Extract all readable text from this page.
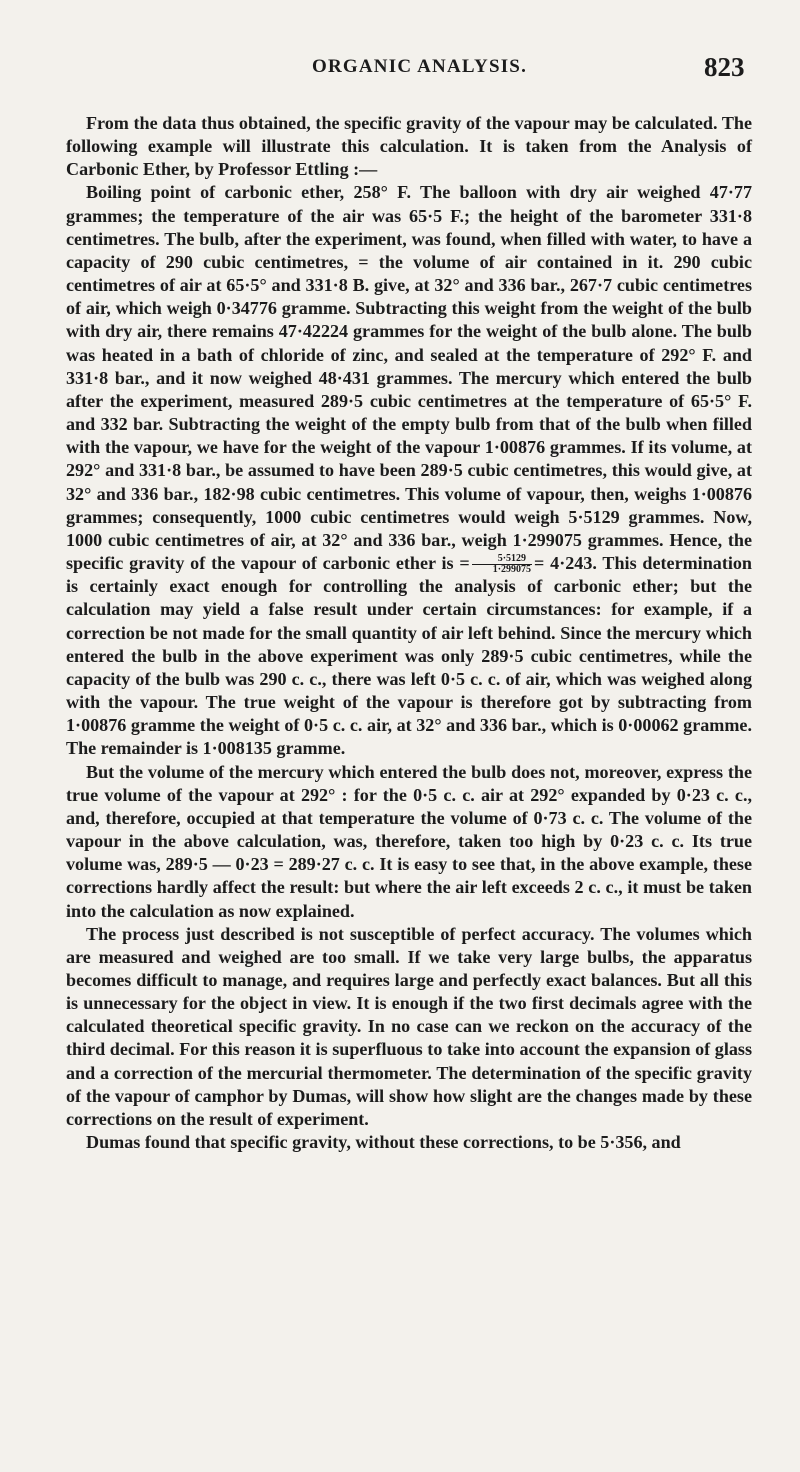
ORGANIC ANALYSIS.	823

From the data thus obtained, the specific gravity of the vapour may be calculated. The following example will illustrate this calculation. It is taken from the Analysis of Carbonic Ether, by Professor Ettling :—

Boiling point of carbonic ether, 258° F. The balloon with dry air weighed 47·77 grammes; the temperature of the air was 65·5 F.; the height of the barometer 331·8 centimetres. The bulb, after the experiment, was found, when filled with water, to have a capacity of 290 cubic centimetres, = the volume of air contained in it. 290 cubic centimetres of air at 65·5° and 331·8 B. give, at 32° and 336 bar., 267·7 cubic centimetres of air, which weigh 0·34776 gramme. Subtracting this weight from the weight of the bulb with dry air, there remains 47·42224 grammes for the weight of the bulb alone. The bulb was heated in a bath of chloride of zinc, and sealed at the temperature of 292° F. and 331·8 bar., and it now weighed 48·431 grammes. The mercury which entered the bulb after the experiment, measured 289·5 cubic centimetres at the temperature of 65·5° F. and 332 bar. Subtracting the weight of the empty bulb from that of the bulb when filled with the vapour, we have for the weight of the vapour 1·00876 grammes. If its volume, at 292° and 331·8 bar., be assumed to have been 289·5 cubic centimetres, this would give, at 32° and 336 bar., 182·98 cubic centimetres. This volume of vapour, then, weighs 1·00876 grammes; consequently, 1000 cubic centimetres would weigh 5·5129 grammes. Now, 1000 cubic centimetres of air, at 32° and 336 bar., weigh 1·299075 grammes. Hence, the specific gravity of the vapour of carbonic ether is = $\frac{5\cdot 5129}{1\cdot 299075} = 4\cdot 243$. This determination is certainly exact enough for controlling the analysis of carbonic ether; but the calculation may yield a false result under certain circumstances: for example, if a correction be not made for the small quantity of air left behind. Since the mercury which entered the bulb in the above experiment was only 289·5 cubic centimetres, while the capacity of the bulb was 290 c. c., there was left 0·5 c. c. of air, which was weighed along with the vapour. The true weight of the vapour is therefore got by subtracting from 1·00876 gramme the weight of 0·5 c. c. air, at 32° and 336 bar., which is 0·00062 gramme. The remainder is 1·008135 gramme.

But the volume of the mercury which entered the bulb does not, moreover, express the true volume of the vapour at 292° : for the 0·5 c. c. air at 292° expanded by 0·23 c. c., and, therefore, occupied at that temperature the volume of 0·73 c. c. The volume of the vapour in the above calculation, was, therefore, taken too high by 0·23 c. c. Its true volume was, 289·5 — 0·23 = 289·27 c. c. It is easy to see that, in the above example, these corrections hardly affect the result: but where the air left exceeds 2 c. c., it must be taken into the calculation as now explained.

The process just described is not susceptible of perfect accuracy. The volumes which are measured and weighed are too small. If we take very large bulbs, the apparatus becomes difficult to manage, and requires large and perfectly exact balances. But all this is unnecessary for the object in view. It is enough if the two first decimals agree with the calculated theoretical specific gravity. In no case can we reckon on the accuracy of the third decimal. For this reason it is superfluous to take into account the expansion of glass and a correction of the mercurial thermometer. The determination of the specific gravity of the vapour of camphor by Dumas, will show how slight are the changes made by these corrections on the result of experiment.

Dumas found that specific gravity, without these corrections, to be 5·356, and
